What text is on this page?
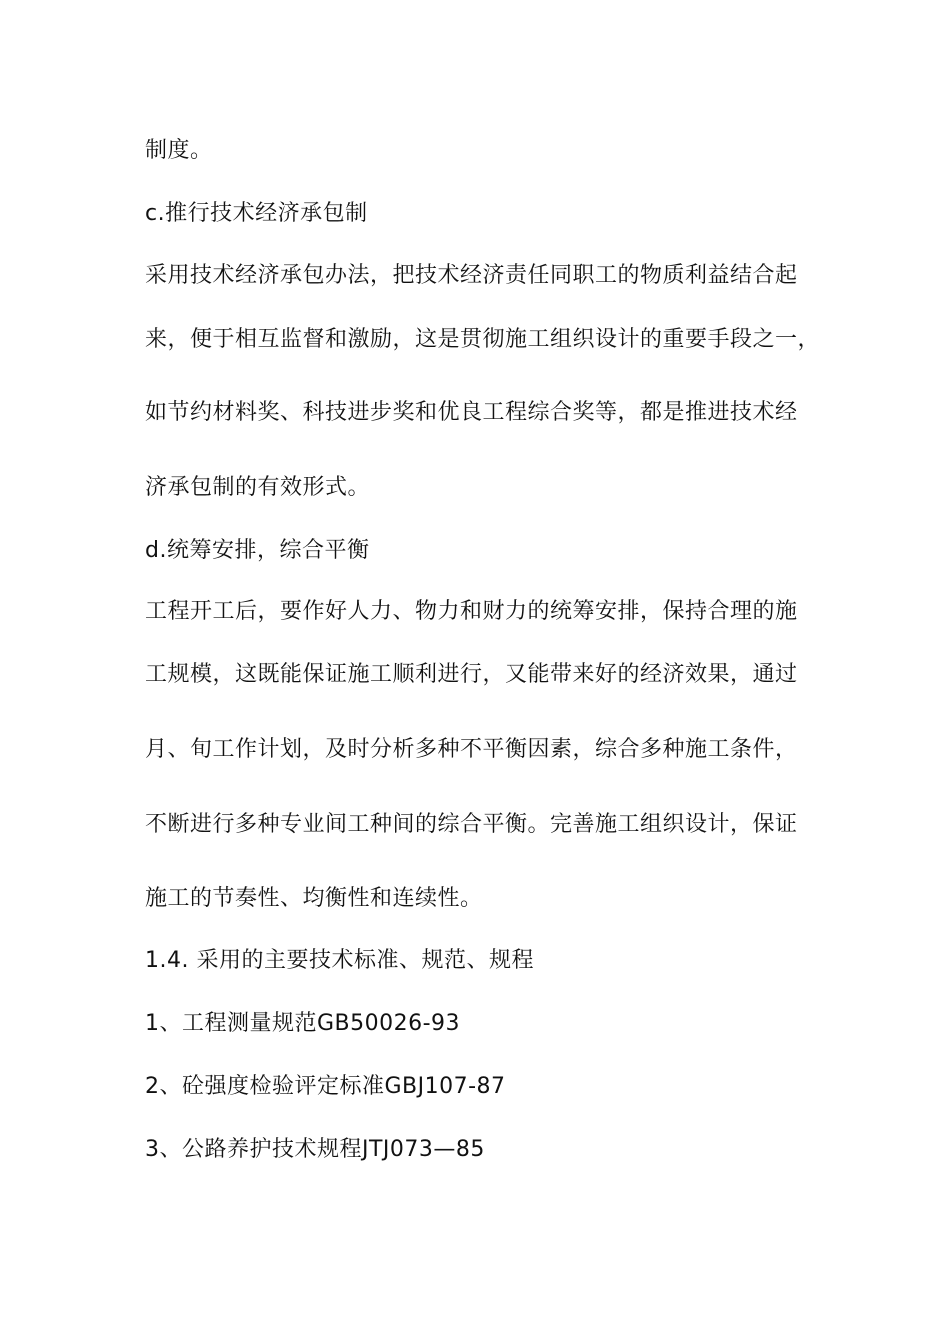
制度。
c.推行技术经济承包制
采用技术经济承包办法，把技术经济责任同职工的物质利益结合起
来，便于相互监督和激励，这是贯彻施工组织设计的重要手段之一，
如节约材料奖、科技进步奖和优良工程综合奖等，都是推进技术经
济承包制的有效形式。
d.统筹安排，综合平衡
工程开工后，要作好人力、物力和财力的统筹安排，保持合理的施
工规模，这既能保证施工顺利进行，又能带来好的经济效果，通过
月、旬工作计划，及时分析多种不平衡因素，综合多种施工条件，
不断进行多种专业间工种间的综合平衡。完善施工组织设计，保证
施工的节奏性、均衡性和连续性。
1.4. 采用的主要技术标准、规范、规程
1、工程测量规范GB50026-93
2、砼强度检验评定标准GBJ107-87
3、公路养护技术规程JTJ073—85
